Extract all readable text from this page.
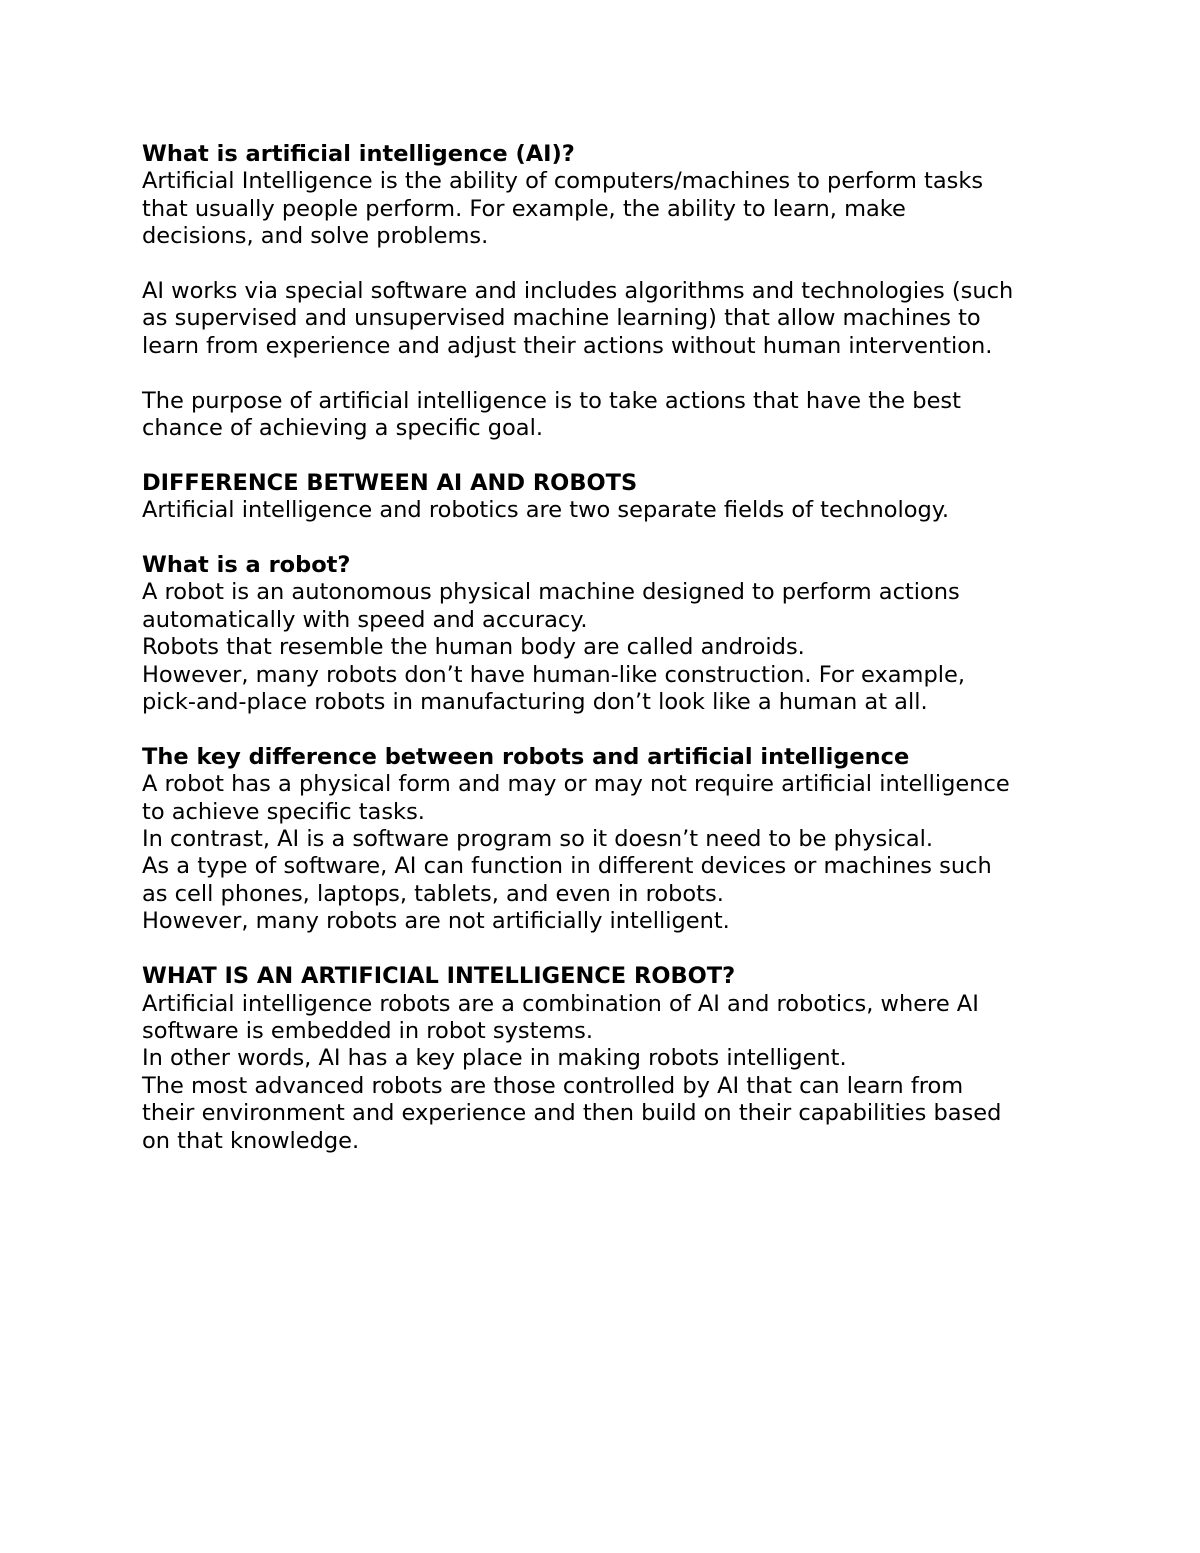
What is artificial intelligence (AI)?
Artificial Intelligence is the ability of computers/machines to perform tasks
that usually people perform. For example, the ability to learn, make
decisions, and solve problems.
AI works via special software and includes algorithms and technologies (such
as supervised and unsupervised machine learning) that allow machines to
learn from experience and adjust their actions without human intervention.
The purpose of artificial intelligence is to take actions that have the best
chance of achieving a specific goal.
DIFFERENCE BETWEEN AI AND ROBOTS
Artificial intelligence and robotics are two separate fields of technology.
What is a robot?
A robot is an autonomous physical machine designed to perform actions
automatically with speed and accuracy.
Robots that resemble the human body are called androids.
However, many robots don’t have human-like construction. For example,
pick-and-place robots in manufacturing don’t look like a human at all.
The key difference between robots and artificial intelligence
A robot has a physical form and may or may not require artificial intelligence
to achieve specific tasks.
In contrast, AI is a software program so it doesn’t need to be physical.
As a type of software, AI can function in different devices or machines such
as cell phones, laptops, tablets, and even in robots.
However, many robots are not artificially intelligent.
WHAT IS AN ARTIFICIAL INTELLIGENCE ROBOT?
Artificial intelligence robots are a combination of AI and robotics, where AI
software is embedded in robot systems.
In other words, AI has a key place in making robots intelligent.
The most advanced robots are those controlled by AI that can learn from
their environment and experience and then build on their capabilities based
on that knowledge.
